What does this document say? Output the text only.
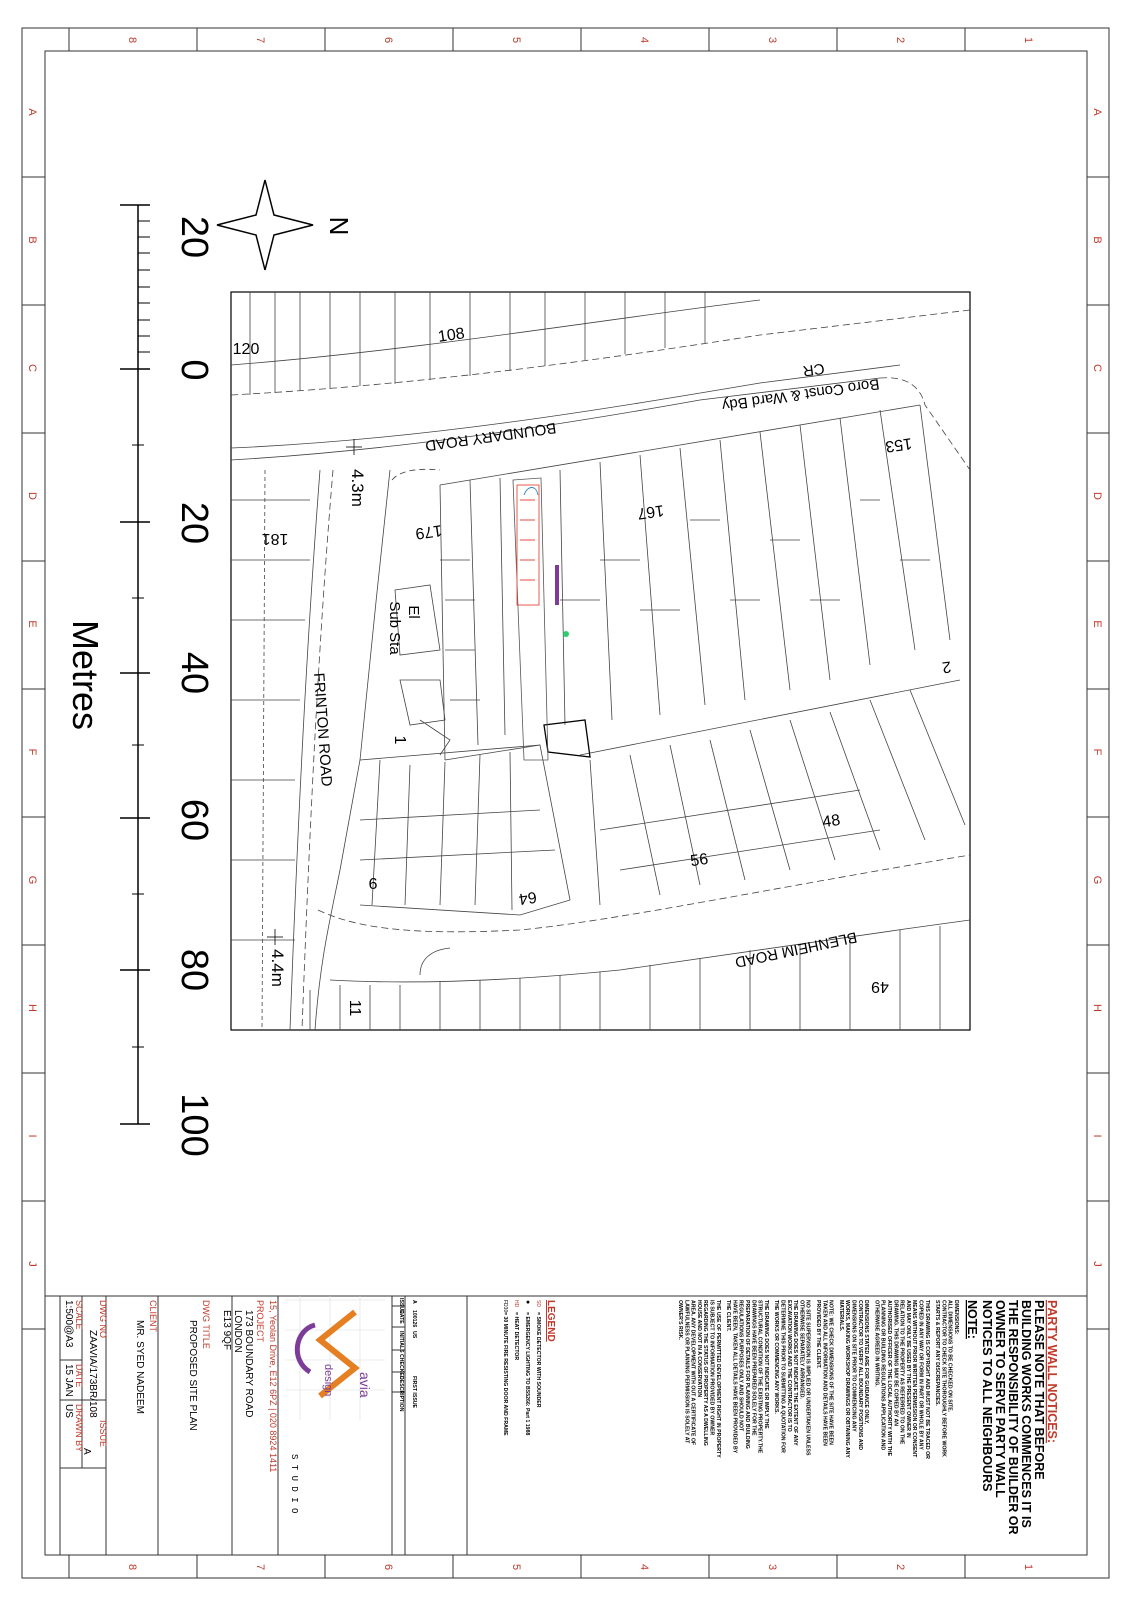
1
2
3
4
5
6
7
8
1
2
3
4
5
6
7
8
A
B
C
D
E
F
G
H
I
J
A
B
C
D
E
F
G
H
I
J
20
0
20
40
60
80
100
Metres
N
BOUNDARY ROAD
FRINTON ROAD
BLENHEIM ROAD
Boro Const & Ward Bdy
CR
El
Sub Sta
4.3m
4.4m
120
108
153
181	179
167
2
1
48
56
9
64
11
49
PARTY WALL NOTICES:
PLEASE NOTE THAT BEFORE
BUILDING WORKS COMMENCES IT IS
THE RESPONSIBILITY OF BUILDER OR
OWNER TO SERVE PARTY WALL
NOTICES TO ALL NEIGHBOURS
NOTE:
DIMENSIONS:
ALL DIMENSIONS TO BE CHECKED ON SITE.
CONTRACTOR TO CHECK SITE THOROUGHLY BEFORE WORK
STARTS & REPORT ANY DISCREPANCIES.
THIS DRAWING IS COPYRIGHT AND MUST NOT BE TRACED OR
COPIED IN ANY WAY OR FORM IN PART OR WHOLE BY ANY
MEANS WITHOUT PRIOR WRITTEN PERMISSION OR CONSENT
AND MAY ONLY BE USED BY THE PRESENT OWNER IN
RELATION TO THE PROPERTY AS REFERRED TO ON THE
DRAWING. THIS DRAWING MAY BE COPIED BY AN
AUTHORISED OFFICER OF THE LOCAL AUTHORITY WITH THE
PLANNING OR BUILDING REGULATIONS APPLICATION AND
OTHERWISE AGREED IN WRITING.
DIMENSIONS STATED ARE FOR GUIDANCE ONLY,
CONTRACTOR TO VERIFY ALL BOUNDARY POSITIONS AND
DIMENSIONS ON SITE PRIOR TO COMMENCING ANY
WORKS, MAKING WORKSHOP DRAWINGS OR OBTAINING ANY
MATERIALS.
NOTE: WE CHECK DIMENSIONS OF THE SITE HAVE BEEN
TAKEN AND ALL INFORMATION AND DETAILS HAVE BEEN
PROVIDED BY THE CLIENT.
NO SITE SUPERVISION IS IMPLIED OR UNDERTAKEN UNLESS
OTHERWISE SEPARATELY ARRANGED.
THE DRAWING DOES NOT INDICATE THE EXTENT OF ANY
EXCAVATION WORKS AND THE CONTRACTOR IS TO
DETERMINE THIS PRIOR TO SUBMITTING A QUOTATION FOR
THE WORKS OR COMMENCING ANY WORKS.
THE DRAWING DOES NOT INDICATE OR IMPLY THE
STRUCTURAL CONDITION OF THE EXISTING PROPERTY.THE
DRAWINGS HAVE BEEN PREPARED SOLELY FOR THE
PREPARATION OF DETAILS FOR PLANNING AND BUILDING
REGULATIONS PURPOSES ONLY AND SHOULD NOT
HAVE BEEN, TAKEN ALL DETAILS HAVE BEEN PROVIDED BY
THE CLIENT.
THE USE OF PERMITTED DEVELOPMENT RIGHT IN PROPERTY
IS SUBJECT TO INFORMATION PROVIDED BY OWNER
REGARDING THE STATUS OF PROPERTY AS A DWELLING
HOUSE AND NOT IN A CONSERVATION
AREA. ANY DEVELOPMENT WITH OUT A CERTIFICATE OF
LAWFULNESS OR PLANNING PERMISSION IS SOLELY AT
OWNER'S RISK.
LEGEND
SD
= SMOKE DETECTOR WITH SOUNDER
●
= EMERGENCY LIGHTING TO BS5266: Part 1 1988
HD
= HEAT DETECTOR
FD30
= 30 MINUTE FIRE RESISTING DOOR AND FRAME
A
100126
US
FIRST ISSUE
ISSUE
DATE
INITIALS
CHECKED
DESCRIPTION
avia
design
S T U D I O
15, Yeolan Drive, E12 6PZ | 020 8924 1411
PROJECT
173 BOUNDARY ROAD
LONDON
E13 9QF
DWG TITLE
PROPOSED SITE PLAN
CLIENT
MR. SYED NADEEM
DWG NO
ZAAVIA/173BR/108
ISSUE
A
SCALE
1:500@A3
DATE
15 JAN
DRAWN BY
US
